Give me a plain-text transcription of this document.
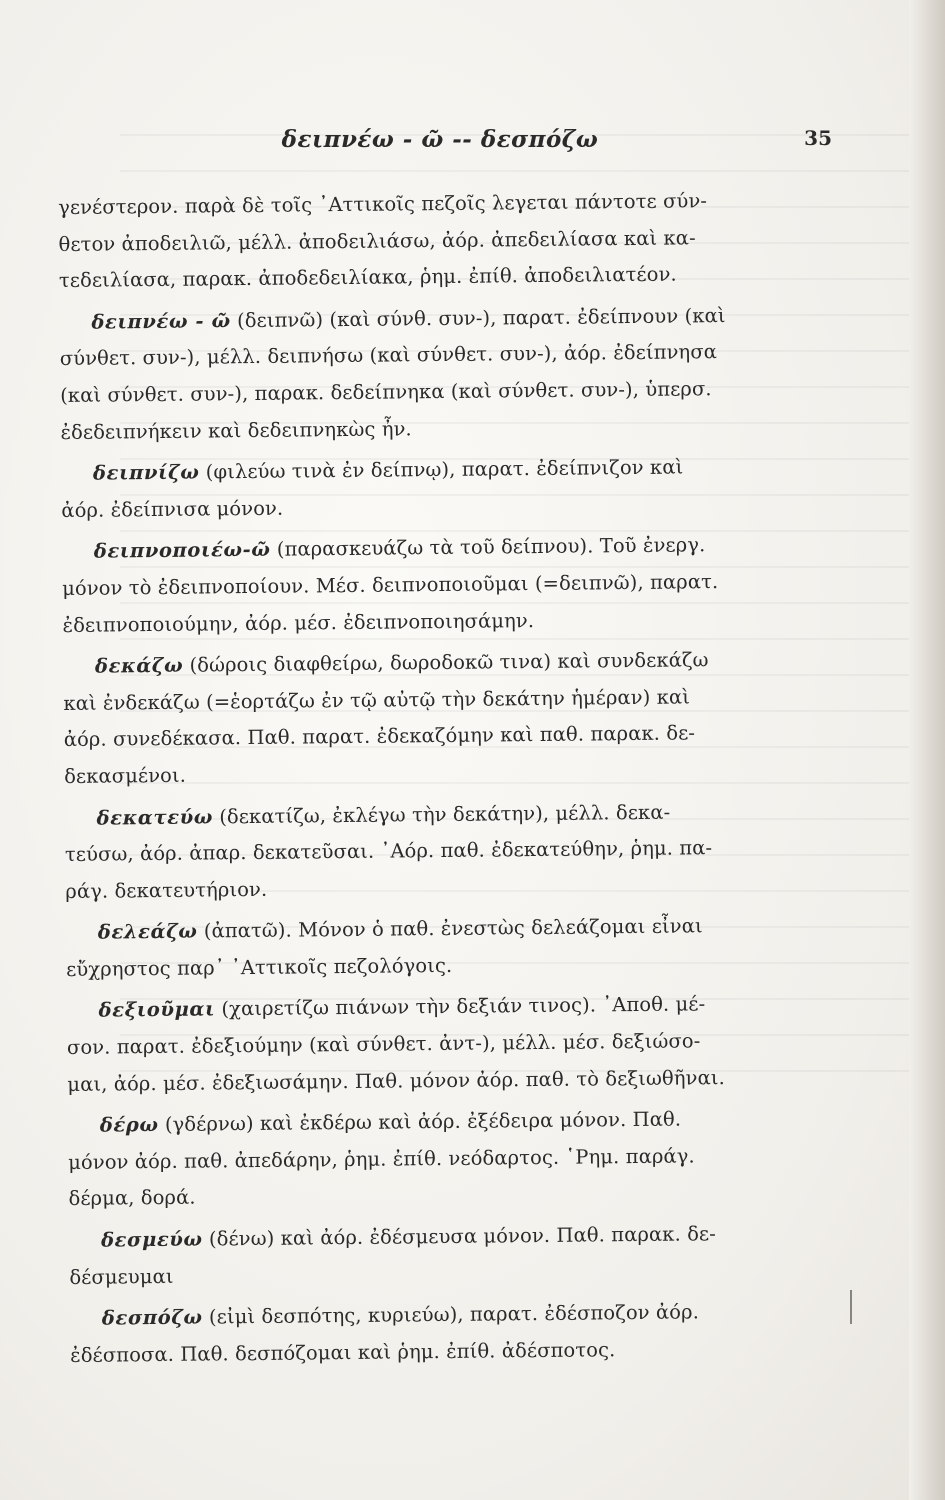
δειπνέω - ῶ -- δεσπόζω	35
γενέστερον. παρὰ δὲ τοῖς ᾿Αττικοῖς πεζοῖς λεγεται πάντοτε σύν-
θετον ἀποδειλιῶ, μέλλ. ἀποδειλιάσω, ἀόρ. ἀπεδειλίασα καὶ κα-
τεδειλίασα, παρακ. ἀποδεδειλίακα, ῥημ. ἐπίθ. ἀποδειλιατέον.
δειπνέω - ῶ (δειπνῶ) (καὶ σύνθ. συν-), παρατ. ἐδείπνουν (καὶ
σύνθετ. συν-), μέλλ. δειπνήσω (καὶ σύνθετ. συν-), ἀόρ. ἐδείπνησα
(καὶ σύνθετ. συν-), παρακ. δεδείπνηκα (καὶ σύνθετ. συν-), ὑπερσ.
ἐδεδειπνήκειν καὶ δεδειπνηκὼς ἦν.
δειπνίζω (φιλεύω τινὰ ἐν δείπνῳ), παρατ. ἐδείπνιζον καὶ
ἀόρ. ἐδείπνισα μόνον.
δειπνοποιέω-ῶ (παρασκευάζω τὰ τοῦ δείπνου). Τοῦ ἐνεργ.
μόνον τὸ ἐδειπνοποίουν. Μέσ. δειπνοποιοῦμαι (=δειπνῶ), παρατ.
ἐδειπνοποιούμην, ἀόρ. μέσ. ἐδειπνοποιησάμην.
δεκάζω (δώροις διαφθείρω, δωροδοκῶ τινα) καὶ συνδεκάζω
καὶ ἐνδεκάζω (=ἑορτάζω ἐν τῷ αὐτῷ τὴν δεκάτην ἡμέραν) καὶ
ἀόρ. συνεδέκασα. Παθ. παρατ. ἐδεκαζόμην καὶ παθ. παρακ. δε-
δεκασμένοι.
δεκατεύω (δεκατίζω, ἐκλέγω τὴν δεκάτην), μέλλ. δεκα-
τεύσω, ἀόρ. ἀπαρ. δεκατεῦσαι. ᾿Αόρ. παθ. ἐδεκατεύθην, ῥημ. πα-
ράγ. δεκατευτήριον.
δελεάζω (ἀπατῶ). Μόνον ὁ παθ. ἐνεστὼς δελεάζομαι εἶναι
εὔχρηστος παρ᾿ ᾿Αττικοῖς πεζολόγοις.
δεξιοῦμαι (χαιρετίζω πιάνων τὴν δεξιάν τινος). ᾿Αποθ. μέ-
σον. παρατ. ἐδεξιούμην (καὶ σύνθετ. ἀντ-), μέλλ. μέσ. δεξιώσο-
μαι, ἀόρ. μέσ. ἐδεξιωσάμην. Παθ. μόνον ἀόρ. παθ. τὸ δεξιωθῆναι.
δέρω (γδέρνω) καὶ ἐκδέρω καὶ ἀόρ. ἐξέδειρα μόνον. Παθ.
μόνον ἀόρ. παθ. ἀπεδάρην, ῥημ. ἐπίθ. νεόδαρτος. ῾Ρημ. παράγ.
δέρμα, δορά.
δεσμεύω (δένω) καὶ ἀόρ. ἐδέσμευσα μόνον. Παθ. παρακ. δε-
δέσμευμαι
δεσπόζω (εἰμὶ δεσπότης, κυριεύω), παρατ. ἐδέσποζον ἀόρ.
ἐδέσποσα. Παθ. δεσπόζομαι καὶ ῥημ. ἐπίθ. ἀδέσποτος.
